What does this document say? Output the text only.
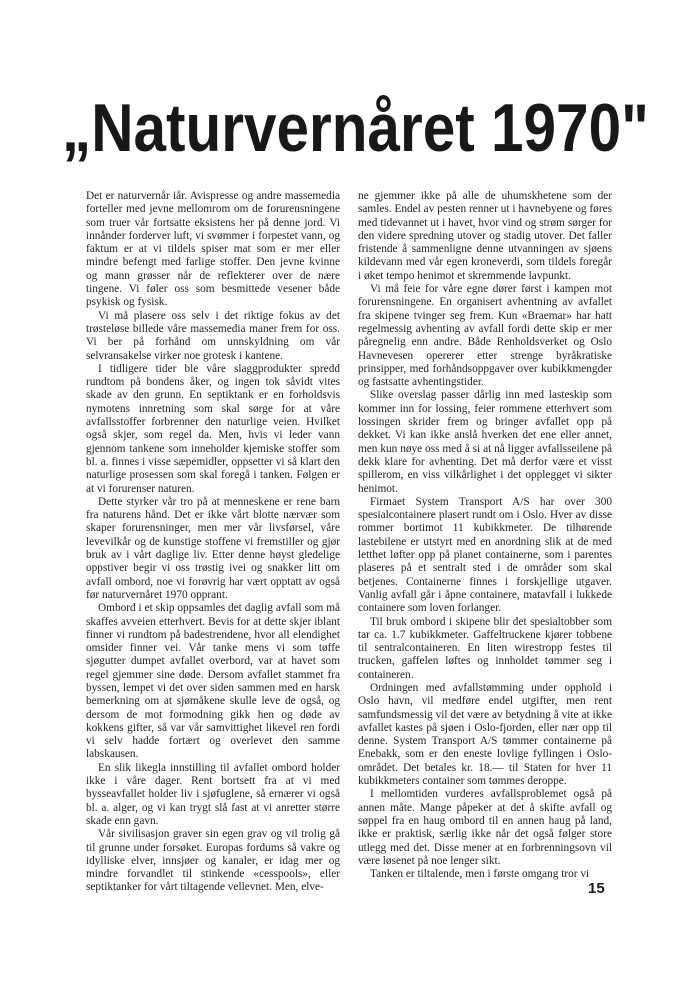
„Naturvernåret 1970"

Det er naturvernår iår. Avispresse og andre massemedia forteller med jevne mellomrom om de forurensningene som truer vår fortsatte eksistens her på denne jord. Vi innånder forderver luft, vi svømmer i forpestet vann, og faktum er at vi tildels spiser mat som er mer eller mindre befengt med farlige stoffer. Den jevne kvinne og mann grøsser når de reflekterer over de nære tingene. Vi føler oss som besmittede vesener både psykisk og fysisk.

Vi må plasere oss selv i det riktige fokus av det trøsteløse billede våre massemedia maner frem for oss. Vi ber på forhånd om unnskyldning om vår selvransakelse virker noe grotesk i kantene.

I tidligere tider ble våre slaggprodukter spredd rundtom på bondens åker, og ingen tok såvidt vites skade av den grunn. En septiktank er en forholdsvis nymotens innretning som skal sørge for at våre avfallsstoffer forbrenner den naturlige veien. Hvilket også skjer, som regel da. Men, hvis vi leder vann gjennom tankene som inneholder kjemiske stoffer som bl. a. finnes i visse sæpemidler, oppsetter vi så klart den naturlige prosessen som skal foregå i tanken. Følgen er at vi forurenser naturen.

Dette styrker vår tro på at menneskene er rene barn fra naturens hånd. Det er ikke vårt blotte nærvær som skaper forurensninger, men mer vår livsførsel, våre levevilkår og de kunstige stoffene vi fremstiller og gjør bruk av i vårt daglige liv. Etter denne høyst gledelige oppstiver begir vi oss trøstig ivei og snakker litt om avfall ombord, noe vi forøvrig har vært opptatt av også før naturvernåret 1970 opprant.

Ombord i et skip oppsamles det daglig avfall som må skaffes avveien etterhvert. Bevis for at dette skjer iblant finner vi rundtom på badestrendene, hvor all elendighet omsider finner vei. Vår tanke mens vi som tøffe sjøgutter dumpet avfallet overbord, var at havet som regel gjemmer sine døde. Dersom avfallet stammet fra byssen, lempet vi det over siden sammen med en harsk bemerkning om at sjømåkene skulle leve de også, og dersom de mot formodning gikk hen og døde av kokkens gifter, så var vår samvittighet likevel ren fordi vi selv hadde fortært og overlevet den samme labskausen.

En slik likegla innstilling til avfallet ombord holder ikke i våre dager. Rent bortsett fra at vi med bysseavfallet holder liv i sjøfuglene, så ernærer vi også bl. a. alger, og vi kan trygt slå fast at vi anretter større skade enn gavn.

Vår sivilisasjon graver sin egen grav og vil trolig gå til grunne under forsøket. Europas fordums så vakre og idylliske elver, innsjøer og kanaler, er idag mer og mindre forvandlet til stinkende «cesspools», eller septiktanker for vårt tiltagende vellevnet. Men, elve-

ne gjemmer ikke på alle de uhumskhetene som der samles. Endel av pesten renner ut i havnebyene og føres med tidevannet ut i havet, hvor vind og strøm sørger for den videre spredning utover og stadig utover. Det faller fristende å sammenligne denne utvanningen av sjøens kildevann med vår egen kroneverdi, som tildels foregår i øket tempo henimot et skremmende lavpunkt.

Vi må feie for våre egne dører først i kampen mot forurensningene. En organisert avhentning av avfallet fra skipene tvinger seg frem. Kun «Braemar» har hatt regelmessig avhenting av avfall fordi dette skip er mer påregnelig enn andre. Både Renholdsverket og Oslo Havnevesen opererer etter strenge byråkratiske prinsipper, med forhåndsoppgaver over kubikkmengder og fastsatte avhentingstider.

Slike overslag passer dårlig inn med lasteskip som kommer inn for lossing, feier rommene etterhvert som lossingen skrider frem og bringer avfallet opp på dekket. Vi kan ikke anslå hverken det ene eller annet, men kun nøye oss med å si at nå ligger avfallsseilene på dekk klare for avhenting. Det må derfor være et visst spillerom, en viss vilkårlighet i det opplegget vi sikter henimot.

Firmaet System Transport A/S har over 300 spesialcontainere plasert rundt om i Oslo. Hver av disse rommer bortimot 11 kubikkmeter. De tilhørende lastebilene er utstyrt med en anordning slik at de med letthet løfter opp på planet containerne, som i parentes plaseres på et sentralt sted i de områder som skal betjenes. Containerne finnes i forskjellige utgaver. Vanlig avfall går i åpne containere, matavfall i lukkede containere som loven forlanger.

Til bruk ombord i skipene blir det spesialtobber som tar ca. 1.7 kubikkmeter. Gaffeltruckene kjører tobbene til sentralcontaineren. En liten wirestropp festes til trucken, gaffelen løftes og innholdet tømmer seg i containeren.

Ordningen med avfallstømming under opphold i Oslo havn, vil medføre endel utgifter, men rent samfundsmessig vil det være av betydning å vite at ikke avfallet kastes på sjøen i Oslo-fjorden, eller nær opp til denne. System Transport A/S tømmer containerne på Enebakk, som er den eneste lovlige fyllingen i Oslo-området. Det betales kr. 18.— til Staten for hver 11 kubikkmeters container som tømmes deroppe.

I mellomtiden vurderes avfallsproblemet også på annen måte. Mange påpeker at det å skifte avfall og søppel fra en haug ombord til en annen haug på land, ikke er praktisk, særlig ikke når det også følger store utlegg med det. Disse mener at en forbrenningsovn vil være løsenet på noe lenger sikt.

Tanken er tiltalende, men i første omgang tror vi

15
